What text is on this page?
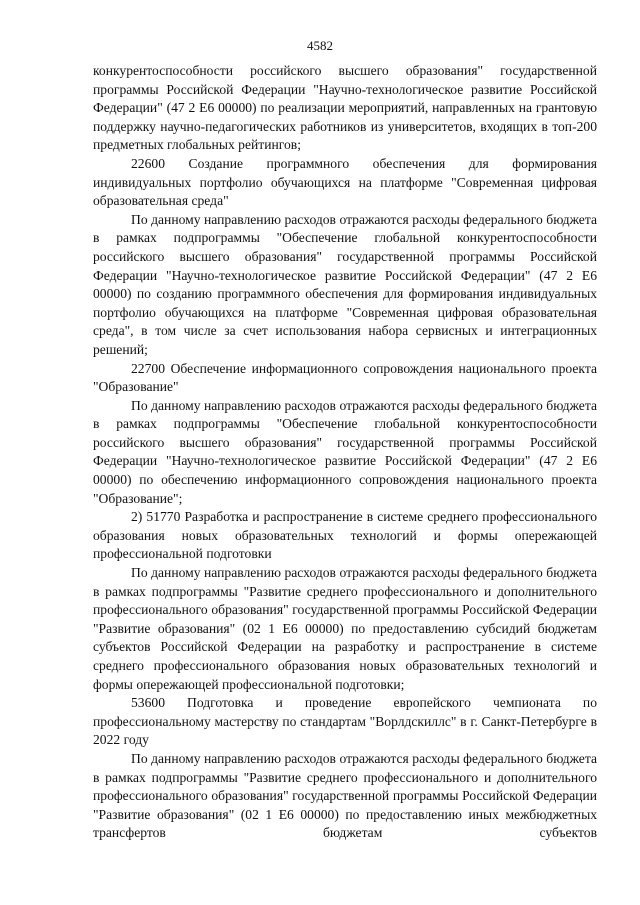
4582

конкурентоспособности российского высшего образования" государственной программы Российской Федерации "Научно-технологическое развитие Российской Федерации" (47 2 Е6 00000) по реализации мероприятий, направленных на грантовую поддержку научно-педагогических работников из университетов, входящих в топ-200 предметных глобальных рейтингов;

22600 Создание программного обеспечения для формирования индивидуальных портфолио обучающихся на платформе "Современная цифровая образовательная среда"

По данному направлению расходов отражаются расходы федерального бюджета в рамках подпрограммы "Обеспечение глобальной конкурентоспособности российского высшего образования" государственной программы Российской Федерации "Научно-технологическое развитие Российской Федерации" (47 2 Е6 00000) по созданию программного обеспечения для формирования индивидуальных портфолио обучающихся на платформе "Современная цифровая образовательная среда", в том числе за счет использования набора сервисных и интеграционных решений;

22700 Обеспечение информационного сопровождения национального проекта "Образование"

По данному направлению расходов отражаются расходы федерального бюджета в рамках подпрограммы "Обеспечение глобальной конкурентоспособности российского высшего образования" государственной программы Российской Федерации "Научно-технологическое развитие Российской Федерации" (47 2 Е6 00000) по обеспечению информационного сопровождения национального проекта "Образование";

2) 51770 Разработка и распространение в системе среднего профессионального образования новых образовательных технологий и формы опережающей профессиональной подготовки

По данному направлению расходов отражаются расходы федерального бюджета в рамках подпрограммы "Развитие среднего профессионального и дополнительного профессионального образования" государственной программы Российской Федерации "Развитие образования" (02 1 Е6 00000) по предоставлению субсидий бюджетам субъектов Российской Федерации на разработку и распространение в системе среднего профессионального образования новых образовательных технологий и формы опережающей профессиональной подготовки;

53600 Подготовка и проведение европейского чемпионата по профессиональному мастерству по стандартам "Ворлдскиллс" в г. Санкт-Петербурге в 2022 году

По данному направлению расходов отражаются расходы федерального бюджета в рамках подпрограммы "Развитие среднего профессионального и дополнительного профессионального образования" государственной программы Российской Федерации "Развитие образования" (02 1 Е6 00000) по предоставлению иных межбюджетных трансфертов бюджетам субъектов
